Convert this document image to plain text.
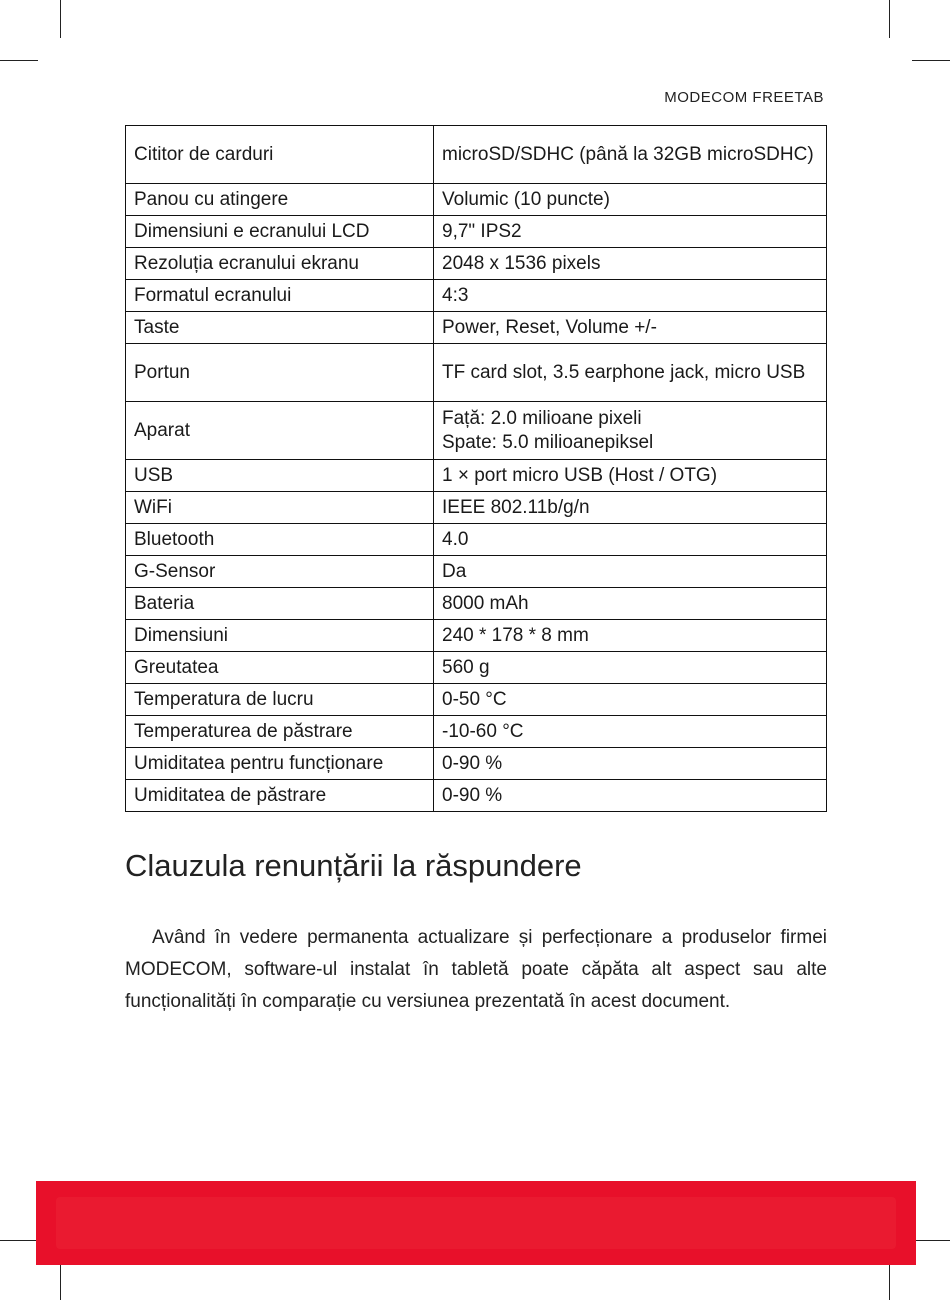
MODECOM FREETAB
Cititor de carduri	microSD/SDHC (până la 32GB microSDHC)
Panou cu atingere	Volumic (10 puncte)
Dimensiuni e ecranului LCD	9,7" IPS2
Rezoluția ecranului ekranu	2048 x 1536 pixels
Formatul ecranului	4:3
Taste	Power, Reset, Volume +/-
Portun	TF card slot, 3.5 earphone jack, micro USB
Aparat	Față: 2.0 milioane pixeli
Spate: 5.0 milioanepiksel

USB	1 × port micro USB (Host / OTG)
WiFi	IEEE 802.11b/g/n
Bluetooth	4.0
G-Sensor	Da
Bateria	8000 mAh
Dimensiuni	240 * 178 * 8 mm
Greutatea	560 g
Temperatura de lucru	0-50 °C
Temperaturea de păstrare	-10-60 °C
Umiditatea pentru funcționare	0-90 %
Umiditatea de păstrare	0-90 %
Clauzula renunțării la răspundere

Având în vedere permanenta actualizare și perfecționare a produselor firmei MODECOM, software-ul instalat în tabletă poate căpăta alt aspect sau alte funcționalități în comparație cu versiunea prezentată în acest document.
